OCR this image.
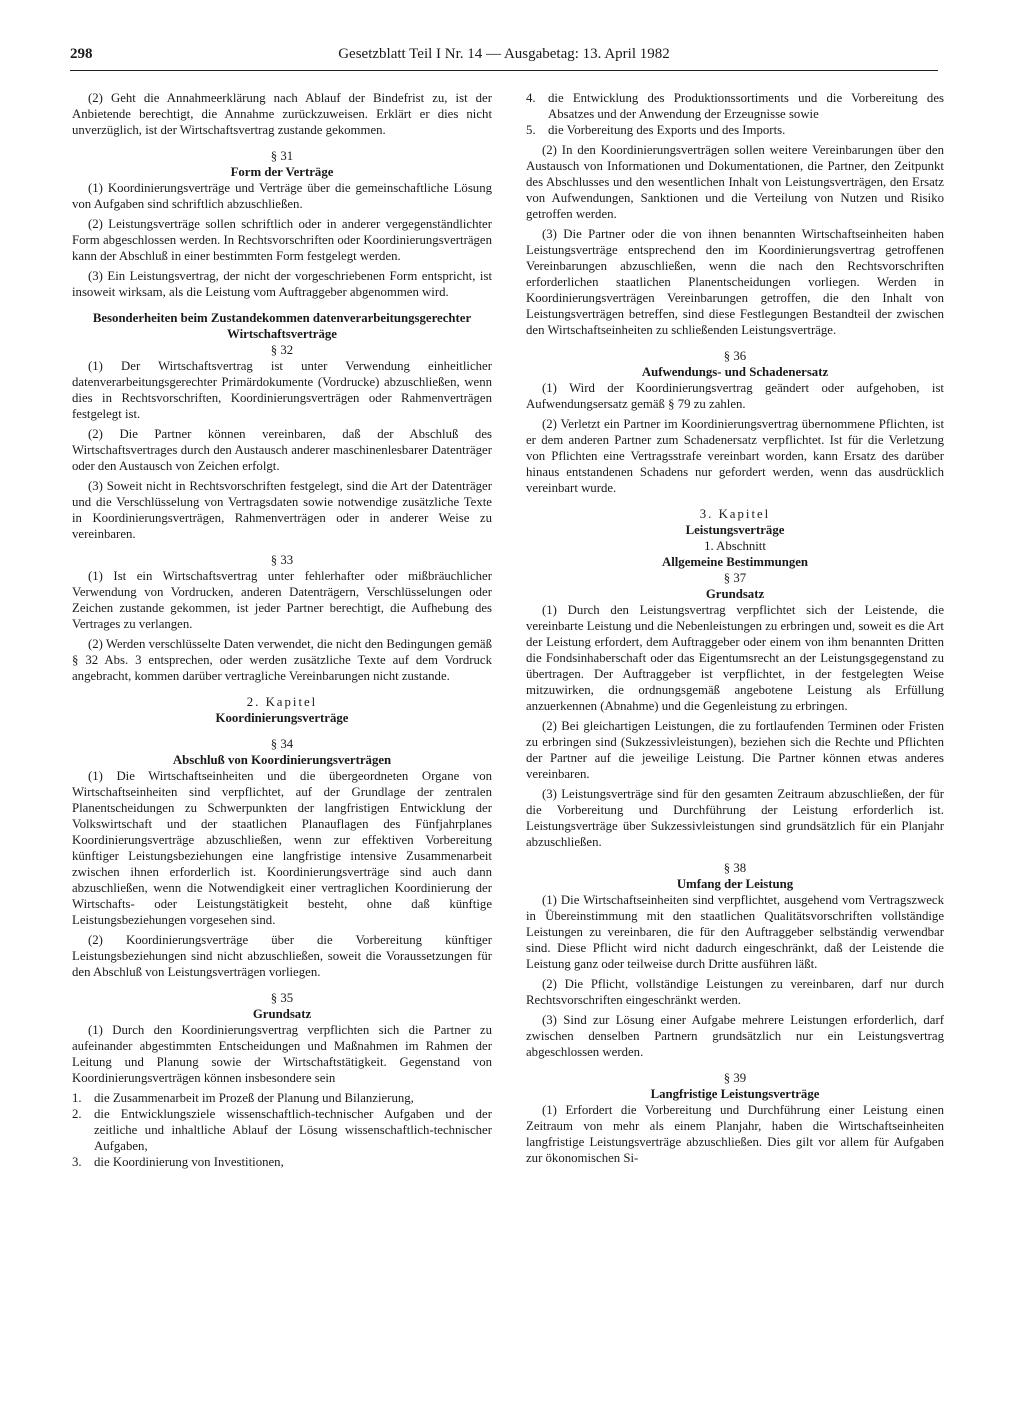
298	Gesetzblatt Teil I Nr. 14 — Ausgabetag: 13. April 1982

(2) Geht die Annahmeerklärung nach Ablauf der Bindefrist zu, ist der Anbietende berechtigt, die Annahme zurückzuweisen. Erklärt er dies nicht unverzüglich, ist der Wirtschaftsvertrag zustande gekommen.

§ 31
Form der Verträge

(1) Koordinierungsverträge und Verträge über die gemeinschaftliche Lösung von Aufgaben sind schriftlich abzuschließen.

(2) Leistungsverträge sollen schriftlich oder in anderer vergegenständlichter Form abgeschlossen werden. In Rechtsvorschriften oder Koordinierungsverträgen kann der Abschluß in einer bestimmten Form festgelegt werden.

(3) Ein Leistungsvertrag, der nicht der vorgeschriebenen Form entspricht, ist insoweit wirksam, als die Leistung vom Auftraggeber abgenommen wird.

Besonderheiten beim Zustandekommen datenverarbeitungsgerechter Wirtschaftsverträge
§ 32

(1) Der Wirtschaftsvertrag ist unter Verwendung einheitlicher datenverarbeitungsgerechter Primärdokumente (Vordrucke) abzuschließen, wenn dies in Rechtsvorschriften, Koordinierungsverträgen oder Rahmenverträgen festgelegt ist.

(2) Die Partner können vereinbaren, daß der Abschluß des Wirtschaftsvertrages durch den Austausch anderer maschinenlesbarer Datenträger oder den Austausch von Zeichen erfolgt.

(3) Soweit nicht in Rechtsvorschriften festgelegt, sind die Art der Datenträger und die Verschlüsselung von Vertragsdaten sowie notwendige zusätzliche Texte in Koordinierungsverträgen, Rahmenverträgen oder in anderer Weise zu vereinbaren.

§ 33

(1) Ist ein Wirtschaftsvertrag unter fehlerhafter oder mißbräuchlicher Verwendung von Vordrucken, anderen Datenträgern, Verschlüsselungen oder Zeichen zustande gekommen, ist jeder Partner berechtigt, die Aufhebung des Vertrages zu verlangen.

(2) Werden verschlüsselte Daten verwendet, die nicht den Bedingungen gemäß § 32 Abs. 3 entsprechen, oder werden zusätzliche Texte auf dem Vordruck angebracht, kommen darüber vertragliche Vereinbarungen nicht zustande.

2. Kapitel
Koordinierungsverträge
§ 34
Abschluß von Koordinierungsverträgen

(1) Die Wirtschaftseinheiten und die übergeordneten Organe von Wirtschaftseinheiten sind verpflichtet, auf der Grundlage der zentralen Planentscheidungen zu Schwerpunkten der langfristigen Entwicklung der Volkswirtschaft und der staatlichen Planauflagen des Fünfjahrplanes Koordinierungsverträge abzuschließen, wenn zur effektiven Vorbereitung künftiger Leistungsbeziehungen eine langfristige intensive Zusammenarbeit zwischen ihnen erforderlich ist. Koordinierungsverträge sind auch dann abzuschließen, wenn die Notwendigkeit einer vertraglichen Koordinierung der Wirtschafts- oder Leistungstätigkeit besteht, ohne daß künftige Leistungsbeziehungen vorgesehen sind.

(2) Koordinierungsverträge über die Vorbereitung künftiger Leistungsbeziehungen sind nicht abzuschließen, soweit die Voraussetzungen für den Abschluß von Leistungsverträgen vorliegen.

§ 35
Grundsatz

(1) Durch den Koordinierungsvertrag verpflichten sich die Partner zu aufeinander abgestimmten Entscheidungen und Maßnahmen im Rahmen der Leitung und Planung sowie der Wirtschaftstätigkeit. Gegenstand von Koordinierungsverträgen können insbesondere sein

1. die Zusammenarbeit im Prozeß der Planung und Bilanzierung,
2. die Entwicklungsziele wissenschaftlich-technischer Aufgaben und der zeitliche und inhaltliche Ablauf der Lösung wissenschaftlich-technischer Aufgaben,
3. die Koordinierung von Investitionen,
4. die Entwicklung des Produktionssortiments und die Vorbereitung des Absatzes und der Anwendung der Erzeugnisse sowie
5. die Vorbereitung des Exports und des Imports.

(2) In den Koordinierungsverträgen sollen weitere Vereinbarungen über den Austausch von Informationen und Dokumentationen, die Partner, den Zeitpunkt des Abschlusses und den wesentlichen Inhalt von Leistungsverträgen, den Ersatz von Aufwendungen, Sanktionen und die Verteilung von Nutzen und Risiko getroffen werden.

(3) Die Partner oder die von ihnen benannten Wirtschaftseinheiten haben Leistungsverträge entsprechend den im Koordinierungsvertrag getroffenen Vereinbarungen abzuschließen, wenn die nach den Rechtsvorschriften erforderlichen staatlichen Planentscheidungen vorliegen. Werden in Koordinierungsverträgen Vereinbarungen getroffen, die den Inhalt von Leistungsverträgen betreffen, sind diese Festlegungen Bestandteil der zwischen den Wirtschaftseinheiten zu schließenden Leistungsverträge.

§ 36
Aufwendungs- und Schadenersatz

(1) Wird der Koordinierungsvertrag geändert oder aufgehoben, ist Aufwendungsersatz gemäß § 79 zu zahlen.

(2) Verletzt ein Partner im Koordinierungsvertrag übernommene Pflichten, ist er dem anderen Partner zum Schadenersatz verpflichtet. Ist für die Verletzung von Pflichten eine Vertragsstrafe vereinbart worden, kann Ersatz des darüber hinaus entstandenen Schadens nur gefordert werden, wenn das ausdrücklich vereinbart wurde.

3. Kapitel
Leistungsverträge
1. Abschnitt
Allgemeine Bestimmungen
§ 37
Grundsatz

(1) Durch den Leistungsvertrag verpflichtet sich der Leistende, die vereinbarte Leistung und die Nebenleistungen zu erbringen und, soweit es die Art der Leistung erfordert, dem Auftraggeber oder einem von ihm benannten Dritten die Fondsinhaberschaft oder das Eigentumsrecht an der Leistungsgegenstand zu übertragen. Der Auftraggeber ist verpflichtet, in der festgelegten Weise mitzuwirken, die ordnungsgemäß angebotene Leistung als Erfüllung anzuerkennen (Abnahme) und die Gegenleistung zu erbringen.

(2) Bei gleichartigen Leistungen, die zu fortlaufenden Terminen oder Fristen zu erbringen sind (Sukzessivleistungen), beziehen sich die Rechte und Pflichten der Partner auf die jeweilige Leistung. Die Partner können etwas anderes vereinbaren.

(3) Leistungsverträge sind für den gesamten Zeitraum abzuschließen, der für die Vorbereitung und Durchführung der Leistung erforderlich ist. Leistungsverträge über Sukzessivleistungen sind grundsätzlich für ein Planjahr abzuschließen.

§ 38
Umfang der Leistung

(1) Die Wirtschaftseinheiten sind verpflichtet, ausgehend vom Vertragszweck in Übereinstimmung mit den staatlichen Qualitätsvorschriften vollständige Leistungen zu vereinbaren, die für den Auftraggeber selbständig verwendbar sind. Diese Pflicht wird nicht dadurch eingeschränkt, daß der Leistende die Leistung ganz oder teilweise durch Dritte ausführen läßt.

(2) Die Pflicht, vollständige Leistungen zu vereinbaren, darf nur durch Rechtsvorschriften eingeschränkt werden.

(3) Sind zur Lösung einer Aufgabe mehrere Leistungen erforderlich, darf zwischen denselben Partnern grundsätzlich nur ein Leistungsvertrag abgeschlossen werden.

§ 39
Langfristige Leistungsverträge

(1) Erfordert die Vorbereitung und Durchführung einer Leistung einen Zeitraum von mehr als einem Planjahr, haben die Wirtschaftseinheiten langfristige Leistungsverträge abzuschließen. Dies gilt vor allem für Aufgaben zur ökonomischen Si-
